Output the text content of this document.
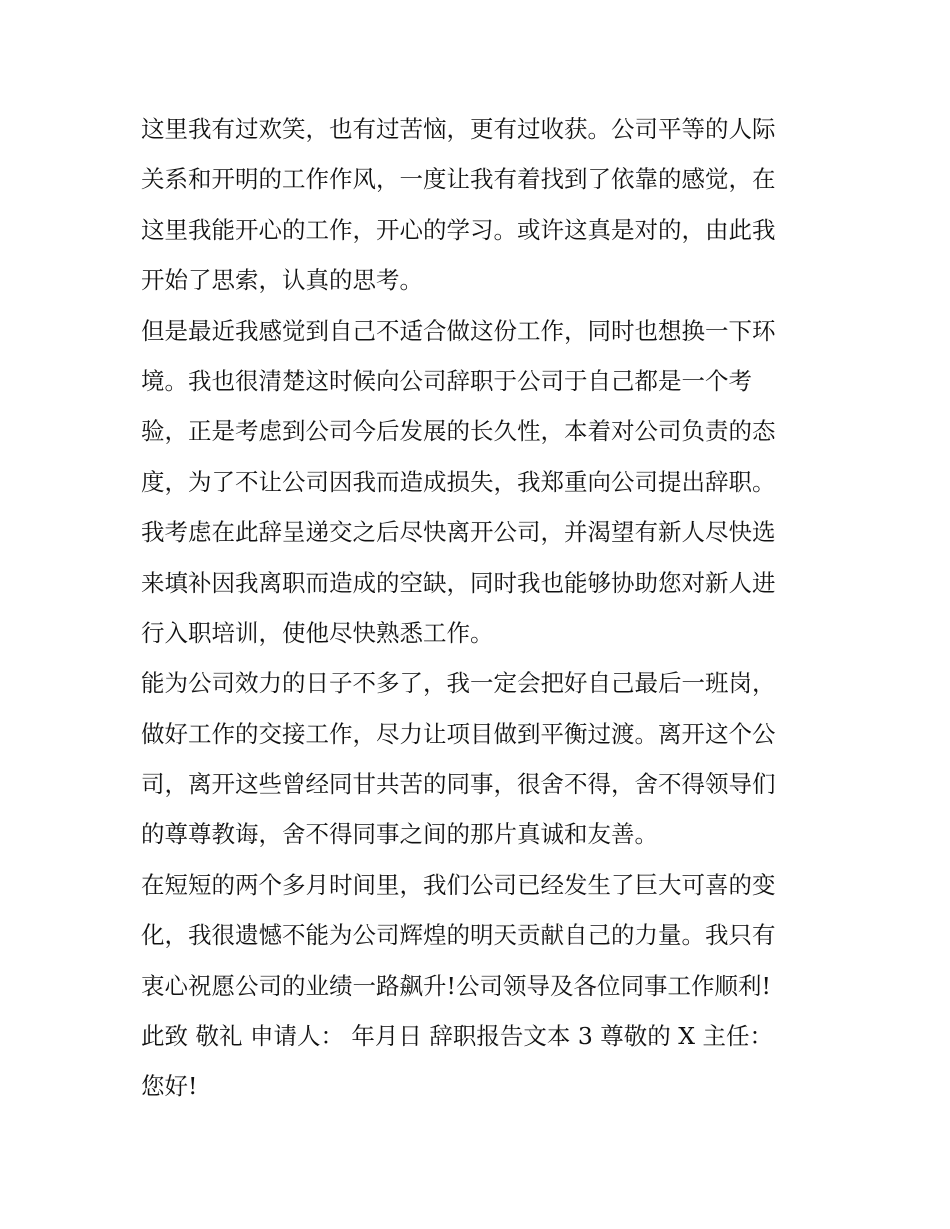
这里我有过欢笑，也有过苦恼，更有过收获。公司平等的人际
关系和开明的工作作风，一度让我有着找到了依靠的感觉，在
这里我能开心的工作，开心的学习。或许这真是对的，由此我
开始了思索，认真的思考。
但是最近我感觉到自己不适合做这份工作，同时也想换一下环
境。我也很清楚这时候向公司辞职于公司于自己都是一个考
验，正是考虑到公司今后发展的长久性，本着对公司负责的态
度，为了不让公司因我而造成损失，我郑重向公司提出辞职。
我考虑在此辞呈递交之后尽快离开公司，并渴望有新人尽快选
来填补因我离职而造成的空缺，同时我也能够协助您对新人进
行入职培训，使他尽快熟悉工作。
能为公司效力的日子不多了，我一定会把好自己最后一班岗，
做好工作的交接工作，尽力让项目做到平衡过渡。离开这个公
司，离开这些曾经同甘共苦的同事，很舍不得，舍不得领导们
的尊尊教诲，舍不得同事之间的那片真诚和友善。
在短短的两个多月时间里，我们公司已经发生了巨大可喜的变
化，我很遗憾不能为公司辉煌的明天贡献自己的力量。我只有
衷心祝愿公司的业绩一路飙升!公司领导及各位同事工作顺利!
此致 敬礼 申请人： 年月日 辞职报告文本 3 尊敬的 X 主任：
您好!
